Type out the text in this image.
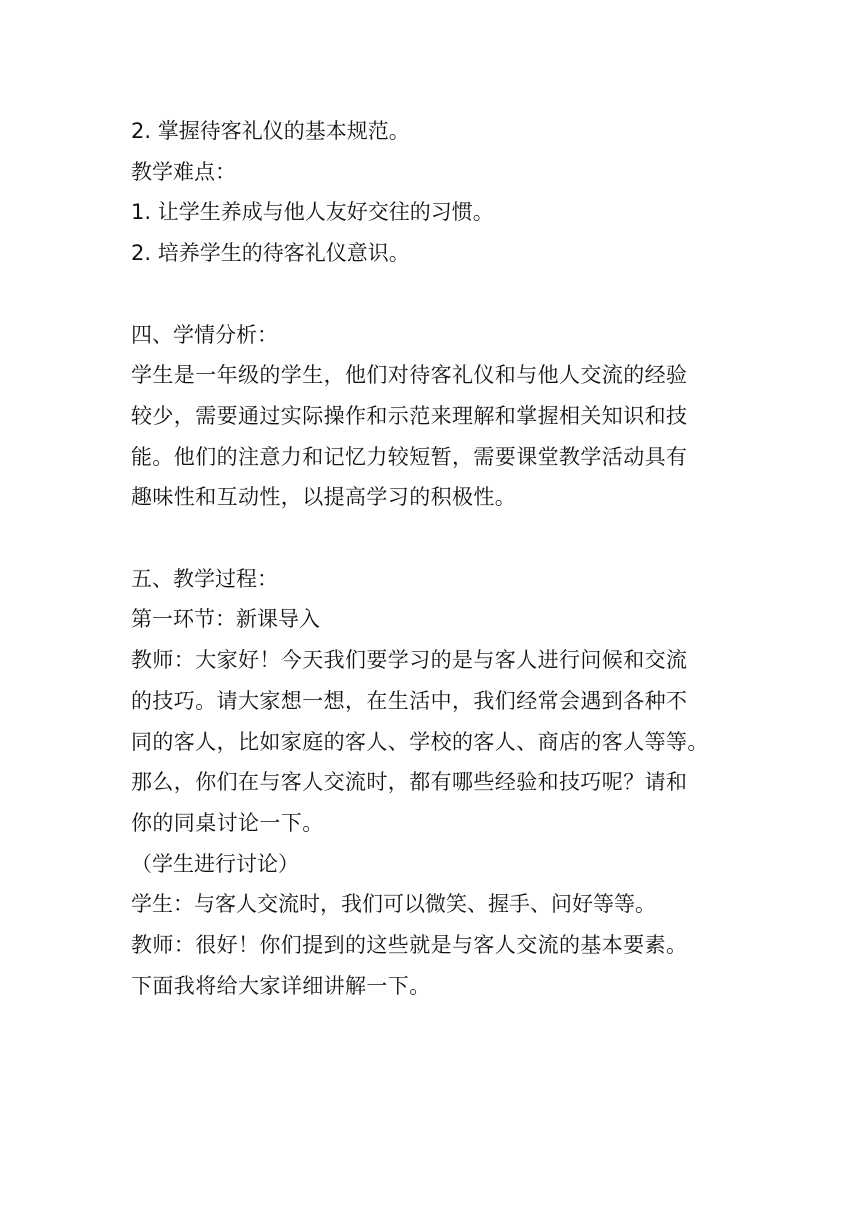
2. 掌握待客礼仪的基本规范。

教学难点：

1. 让学生养成与他人友好交往的习惯。

2. 培养学生的待客礼仪意识。

四、学情分析：

学生是一年级的学生，他们对待客礼仪和与他人交流的经验

较少，需要通过实际操作和示范来理解和掌握相关知识和技

能。他们的注意力和记忆力较短暂，需要课堂教学活动具有

趣味性和互动性，以提高学习的积极性。

五、教学过程：

第一环节：新课导入

教师：大家好！今天我们要学习的是与客人进行问候和交流

的技巧。请大家想一想，在生活中，我们经常会遇到各种不

同的客人，比如家庭的客人、学校的客人、商店的客人等等。

那么，你们在与客人交流时，都有哪些经验和技巧呢？请和

你的同桌讨论一下。

（学生进行讨论）

学生：与客人交流时，我们可以微笑、握手、问好等等。

教师：很好！你们提到的这些就是与客人交流的基本要素。

下面我将给大家详细讲解一下。
